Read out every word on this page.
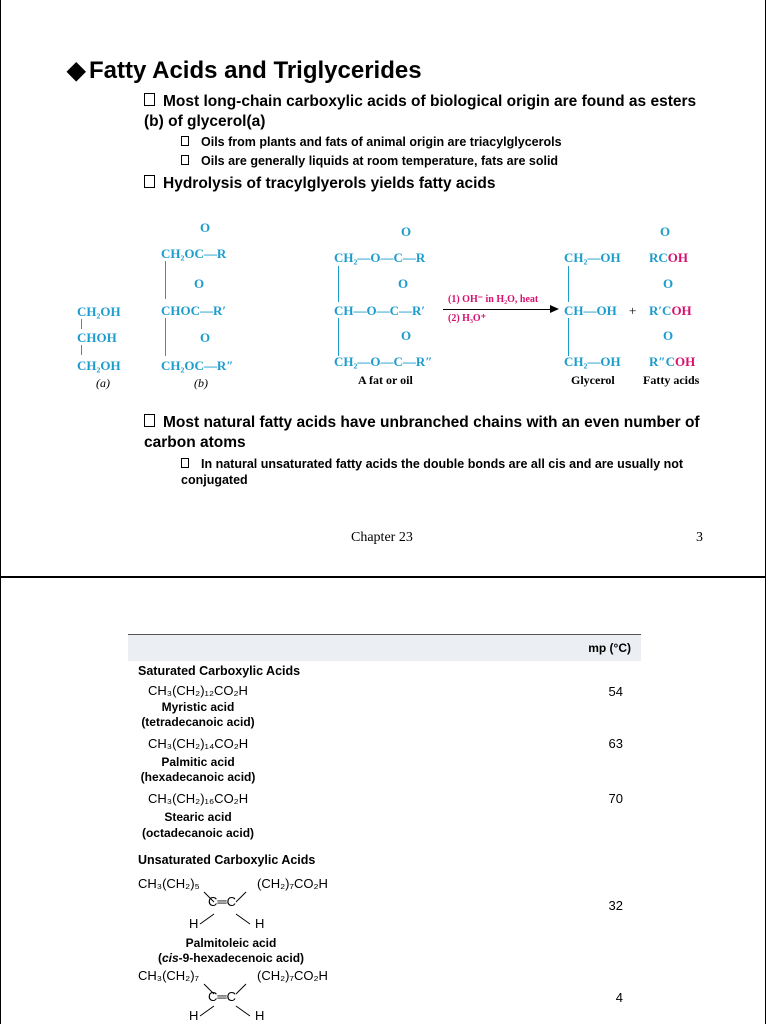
◆ Fatty Acids and Triglycerides
Most long-chain carboxylic acids of biological origin are found as esters (b) of glycerol(a)
Oils from plants and fats of animal origin are triacylglycerols
Oils are generally liquids at room temperature, fats are solid
Hydrolysis of tracylglyerols yields fatty acids
CH₂OH
CHOH
CH₂OH
(a)
O
CH₂OC—R
O
CHOC—R′
O
CH₂OC—R″
(b)
O
CH₂—O—C—R
O
CH—O—C—R′
O
CH₂—O—C—R″
A fat or oil
(1) OH⁻ in H₂O, heat
(2) H₃O⁺
CH₂—OH
CH—OH
CH₂—OH
+
Glycerol
O
RCOH
O
R′COH
O
R″COH
Fatty acids
Most natural fatty acids have unbranched chains with an even number of carbon atoms
In natural unsaturated fatty acids the double bonds are all cis and are usually not conjugated
Chapter 23	3
mp (°C)
Saturated Carboxylic Acids
CH₃(CH₂)₁₂CO₂H
Myristic acid
(tetradecanoic acid)
54
CH₃(CH₂)₁₄CO₂H
Palmitic acid
(hexadecanoic acid)
63
CH₃(CH₂)₁₆CO₂H
Stearic acid
(octadecanoic acid)
70
Unsaturated Carboxylic Acids
CH₃(CH₂)₅	(CH₂)₇CO₂H
C═C
H	H
32
Palmitoleic acid
(cis-9-hexadecenoic acid)
CH₃(CH₂)₇	(CH₂)₇CO₂H
C═C
H	H
4
